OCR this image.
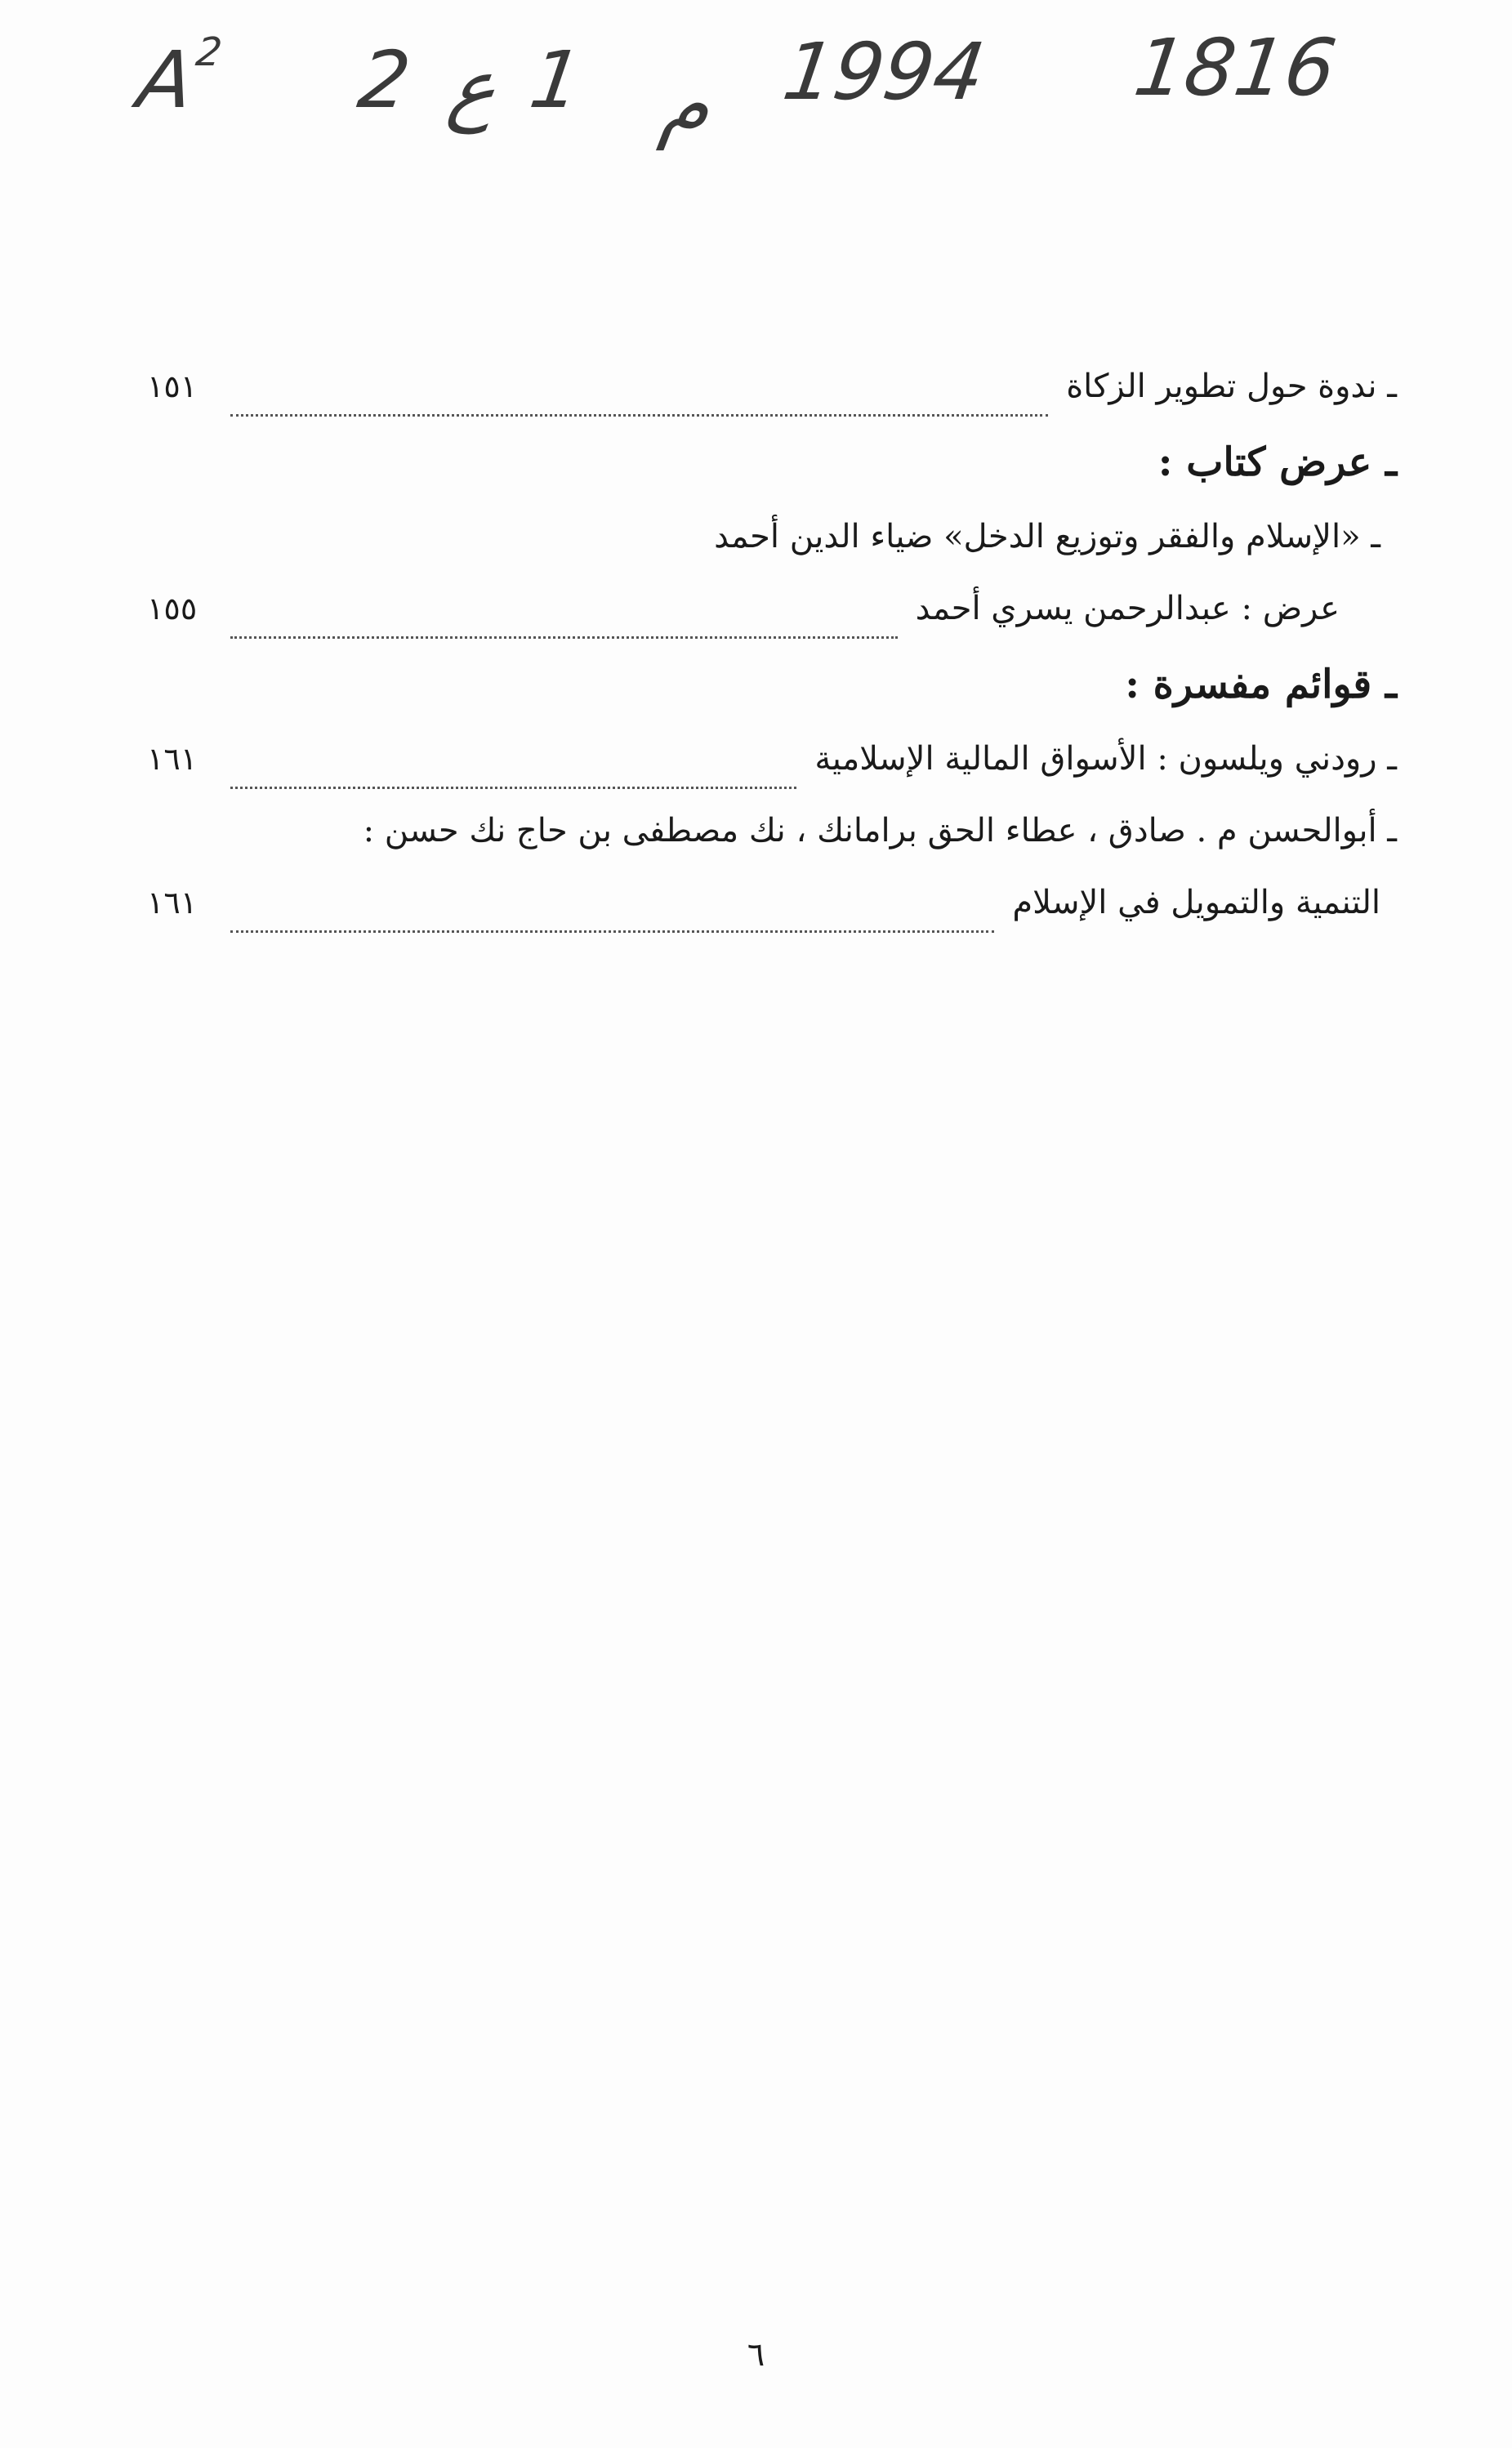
$A^2$ 2 ع 1 م 1994 1816
ـ ندوة حول تطوير الزكاة
١٥١
ـ عرض كتاب :
ـ «الإسلام والفقر وتوزيع الدخل» ضياء الدين أحمد
عرض : عبدالرحمن يسري أحمد
١٥٥
ـ قوائم مفسرة :
ـ رودني ويلسون : الأسواق المالية الإسلامية
١٦١
ـ أبوالحسن م . صادق ، عطاء الحق برامانك ، نك مصطفى بن حاج نك حسن :
التنمية والتمويل في الإسلام
١٦١
٦
